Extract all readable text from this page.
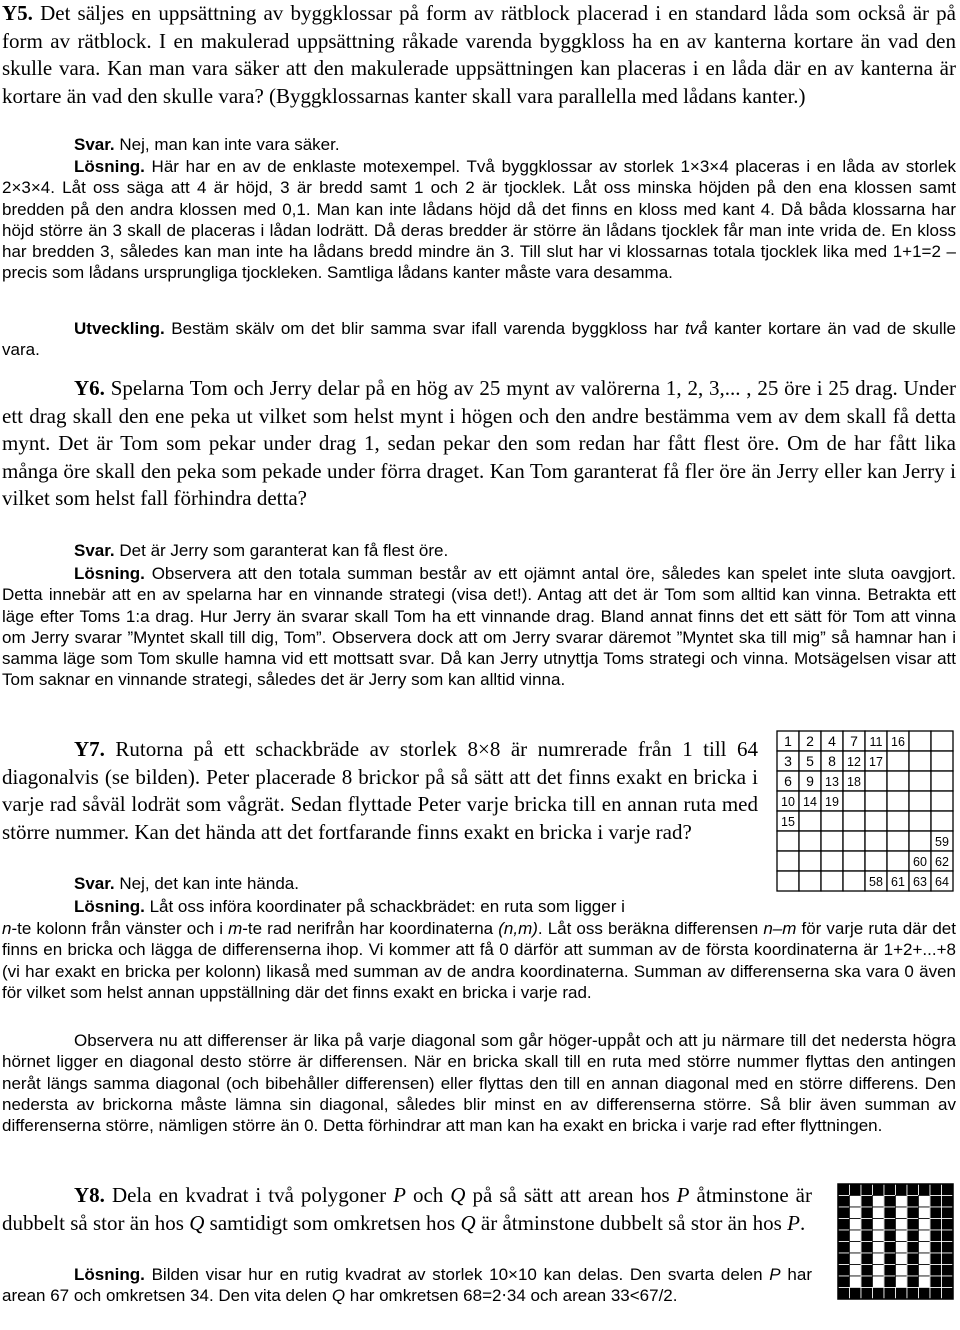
Y5. Det säljes en uppsättning av byggklossar på form av rätblock placerad i en standard låda som också är på form av rätblock. I en makulerad uppsättning råkade varenda byggkloss ha en av kanterna kortare än vad den skulle vara. Kan man vara säker att den makulerade uppsättningen kan placeras i en låda där en av kanterna är kortare än vad den skulle vara? (Byggklossarnas kanter skall vara parallella med lådans kanter.)

Svar. Nej, man kan inte vara säker.

Lösning. Här har en av de enklaste motexempel. Två byggklossar av storlek 1×3×4 placeras i en låda av storlek 2×3×4. Låt oss säga att 4 är höjd, 3 är bredd samt 1 och 2 är tjocklek. Låt oss minska höjden på den ena klossen samt bredden på den andra klossen med 0,1. Man kan inte lådans höjd då det finns en kloss med kant 4. Då båda klossarna har höjd större än 3 skall de placeras i lådan lodrätt. Då deras bredder är större än lådans tjocklek får man inte vrida de. En kloss har bredden 3, således kan man inte ha lådans bredd mindre än 3. Till slut har vi klossarnas totala tjocklek lika med 1+1=2 – precis som lådans ursprungliga tjockleken. Samtliga lådans kanter måste vara desamma.

Utveckling. Bestäm skälv om det blir samma svar ifall varenda byggkloss har två kanter kortare än vad de skulle vara.

Y6. Spelarna Tom och Jerry delar på en hög av 25 mynt av valörerna 1, 2, 3,... , 25 öre i 25 drag. Under ett drag skall den ene peka ut vilket som helst mynt i högen och den andre bestämma vem av dem skall få detta mynt. Det är Tom som pekar under drag 1, sedan pekar den som redan har fått flest öre. Om de har fått lika många öre skall den peka som pekade under förra draget. Kan Tom garanterat få fler öre än Jerry eller kan Jerry i vilket som helst fall förhindra detta?

Svar. Det är Jerry som garanterat kan få flest öre.

Lösning. Observera att den totala summan består av ett ojämnt antal öre, således kan spelet inte sluta oavgjort. Detta innebär att en av spelarna har en vinnande strategi (visa det!). Antag att det är Tom som alltid kan vinna. Betrakta ett läge efter Toms 1:a drag. Hur Jerry än svarar skall Tom ha ett vinnande drag. Bland annat finns det ett sätt för Tom att vinna om Jerry svarar ”Myntet skall till dig, Tom”. Observera dock att om Jerry svarar däremot ”Myntet ska till mig” så hamnar han i samma läge som Tom skulle hamna vid ett mottsatt svar. Då kan Jerry utnyttja Toms strategi och vinna. Motsägelsen visar att Tom saknar en vinnande strategi, således det är Jerry som kan alltid vinna.

Y7. Rutorna på ett schackbräde av storlek 8×8 är numrerade från 1 till 64 diagonalvis (se bilden). Peter placerade 8 brickor på så sätt att det finns exakt en bricka i varje rad såväl lodrät som vågrät. Sedan flyttade Peter varje bricka till en annan ruta med större nummer. Kan det hända att det fortfarande finns exakt en bricka i varje rad?

Svar. Nej, det kan inte hända.

Lösning. Låt oss införa koordinater på schackbrädet: en ruta som ligger i

n-te kolonn från vänster och i m-te rad nerifrån har koordinaterna (n,m). Låt oss beräkna differensen n–m för varje ruta där det finns en bricka och lägga de differenserna ihop. Vi kommer att få 0 därför att summan av de första koordinaterna är 1+2+...+8 (vi har exakt en bricka per kolonn) likaså med summan av de andra koordinaterna. Summan av differenserna ska vara 0 även för vilket som helst annan uppställning där det finns exakt en bricka i varje rad.

Observera nu att differenser är lika på varje diagonal som går höger-uppåt och att ju närmare till det nedersta högra hörnet ligger en diagonal desto större är differensen. När en bricka skall till en ruta med större nummer flyttas den antingen neråt längs samma diagonal (och bibehåller differensen) eller flyttas den till en annan diagonal med en större differens. Den nedersta av brickorna måste lämna sin diagonal, således blir minst en av differenserna större. Så blir även summan av differenserna större, nämligen större än 0. Detta förhindrar att man kan ha exakt en bricka i varje rad efter flyttningen.

1 2 4 7 11 16
3 5 8 12 17
6 9 13 18
10 14 19
15
59
60 62
58 61 63 64

Y8. Dela en kvadrat i två polygoner P och Q på så sätt att arean hos P åtminstone är dubbelt så stor än hos Q samtidigt som omkretsen hos Q är åtminstone dubbelt så stor än hos P.

Lösning. Bilden visar hur en rutig kvadrat av storlek 10×10 kan delas. Den svarta delen P har arean 67 och omkretsen 34. Den vita delen Q har omkretsen 68=2⋅34 och arean 33<67/2.
